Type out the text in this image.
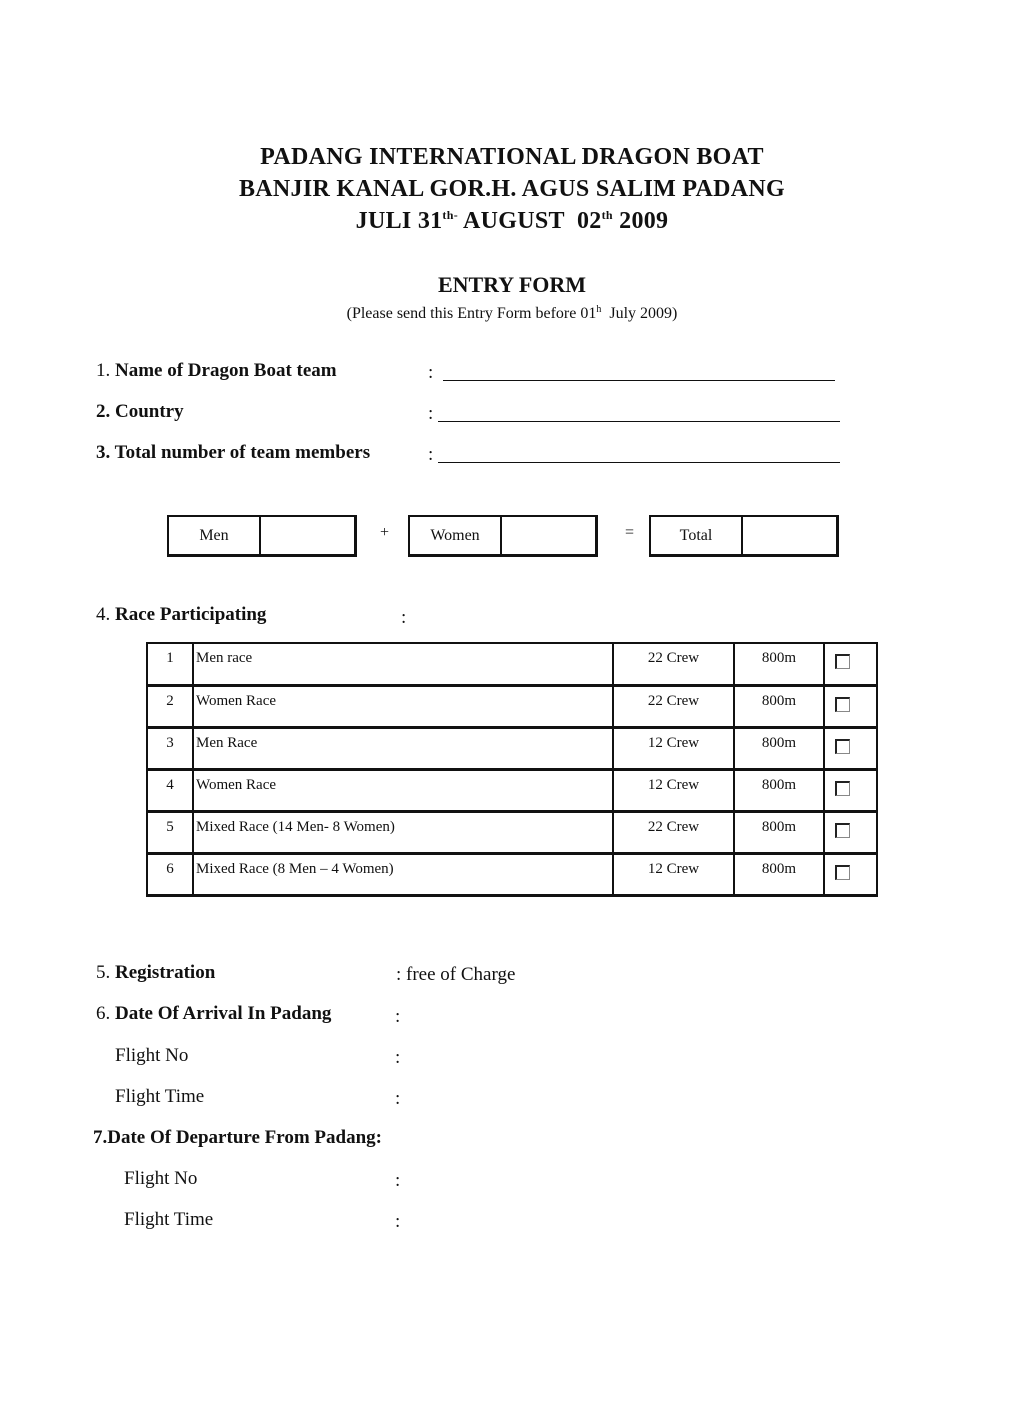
PADANG INTERNATIONAL DRAGON BOAT
BANJIR KANAL GOR.H. AGUS SALIM PADANG
JULI $31^{th-}$ AUGUST  02th 2009
ENTRY FORM
(Please send this Entry Form before 01$^h$  July 2009)
1. Name of Dragon Boat team	:
2. Country	:
3. Total number of team members	:
Men	+	Women	=	Total
4. Race Participating	:
1	Men race	22 Crew	800m	
2	Women Race	22 Crew	800m	
3	Men Race	12 Crew	800m	
4	Women Race	12 Crew	800m	
5	Mixed Race (14 Men- 8 Women)	22 Crew	800m	
6	Mixed Race (8 Men – 4 Women)	12 Crew	800m	
5. Registration	: free of Charge
6. Date Of Arrival In Padang	:
Flight No	:
Flight Time	:
7.Date Of Departure From Padang:
Flight No	:
Flight Time	:
